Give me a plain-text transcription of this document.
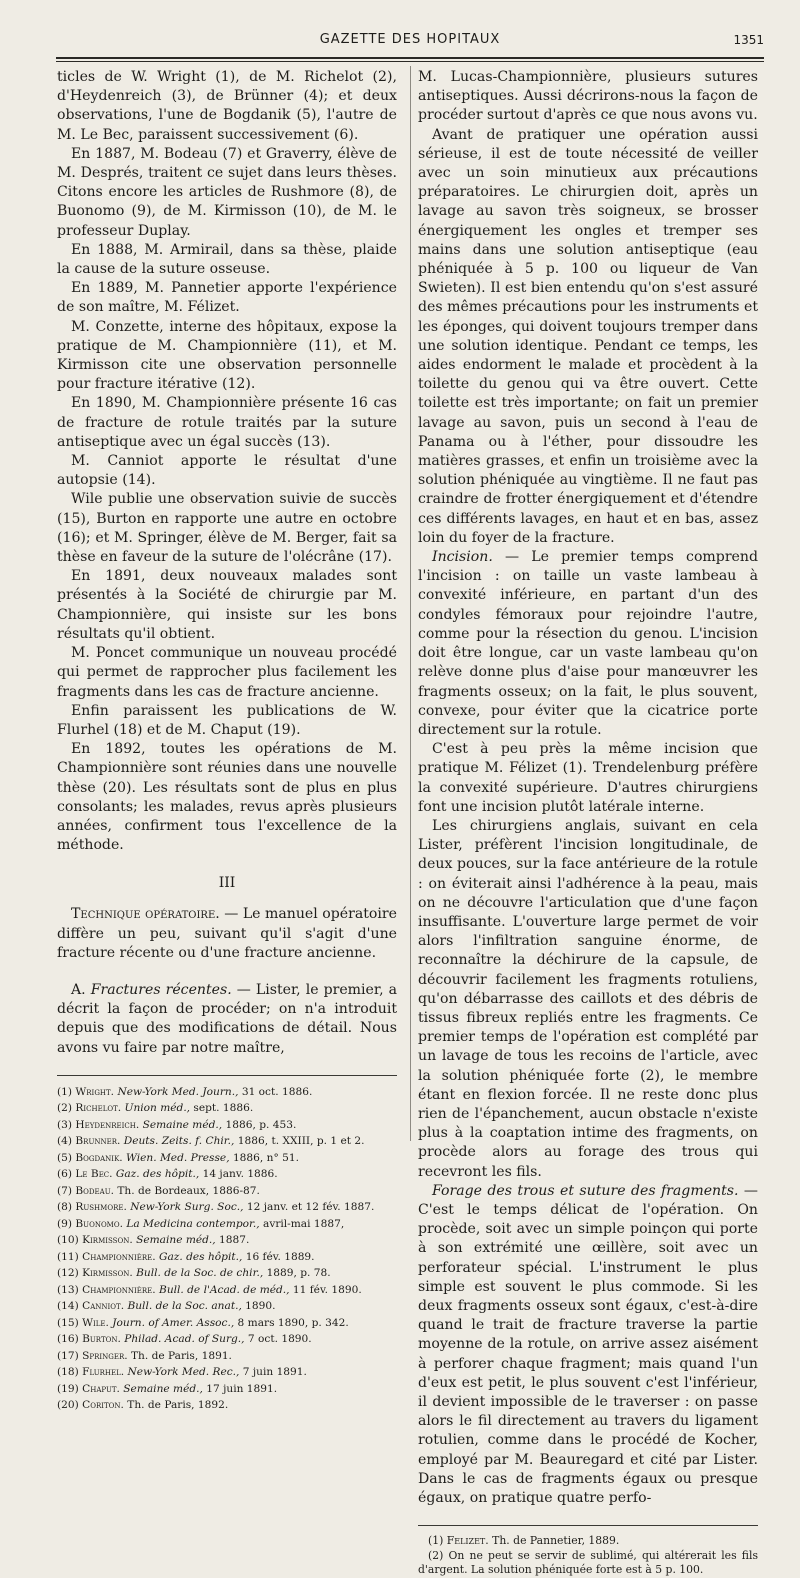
GAZETTE DES HOPITAUX	1351

ticles de W. Wright (1), de M. Richelot (2), d'Heydenreich (3), de Brünner (4); et deux observations, l'une de Bogdanik (5), l'autre de M. Le Bec, paraissent successivement (6).

En 1887, M. Bodeau (7) et Graverry, élève de M. Després, traitent ce sujet dans leurs thèses. Citons encore les articles de Rushmore (8), de Buonomo (9), de M. Kirmisson (10), de M. le professeur Duplay.

En 1888, M. Armirail, dans sa thèse, plaide la cause de la suture osseuse.

En 1889, M. Pannetier apporte l'expérience de son maître, M. Félizet.

M. Conzette, interne des hôpitaux, expose la pratique de M. Championnière (11), et M. Kirmisson cite une observation personnelle pour fracture itérative (12).

En 1890, M. Championnière présente 16 cas de fracture de rotule traités par la suture antiseptique avec un égal succès (13).

M. Canniot apporte le résultat d'une autopsie (14).

Wile publie une observation suivie de succès (15), Burton en rapporte une autre en octobre (16); et M. Springer, élève de M. Berger, fait sa thèse en faveur de la suture de l'olécrâne (17).

En 1891, deux nouveaux malades sont présentés à la Société de chirurgie par M. Championnière, qui insiste sur les bons résultats qu'il obtient.

M. Poncet communique un nouveau procédé qui permet de rapprocher plus facilement les fragments dans les cas de fracture ancienne.

Enfin paraissent les publications de W. Flurhel (18) et de M. Chaput (19).

En 1892, toutes les opérations de M. Championnière sont réunies dans une nouvelle thèse (20). Les résultats sont de plus en plus consolants; les malades, revus après plusieurs années, confirment tous l'excellence de la méthode.

III

Technique opératoire. — Le manuel opératoire diffère un peu, suivant qu'il s'agit d'une fracture récente ou d'une fracture ancienne.

A. Fractures récentes. — Lister, le premier, a décrit la façon de procéder; on n'a introduit depuis que des modifications de détail. Nous avons vu faire par notre maître,

(1) Wright. New-York Med. Journ., 31 oct. 1886.
(2) Richelot. Union méd., sept. 1886.
(3) Heydenreich. Semaine méd., 1886, p. 453.
(4) Brunner. Deuts. Zeits. f. Chir., 1886, t. XXIII, p. 1 et 2.
(5) Bogdanik. Wien. Med. Presse, 1886, n° 51.
(6) Le Bec. Gaz. des hôpit., 14 janv. 1886.
(7) Bodeau. Th. de Bordeaux, 1886-87.
(8) Rushmore. New-York Surg. Soc., 12 janv. et 12 fév. 1887.
(9) Buonomo. La Medicina contempor., avril-mai 1887,
(10) Kirmisson. Semaine méd., 1887.
(11) Championnière. Gaz. des hôpit., 16 fév. 1889.
(12) Kirmisson. Bull. de la Soc. de chir., 1889, p. 78.
(13) Championnière. Bull. de l'Acad. de méd., 11 fév. 1890.
(14) Canniot. Bull. de la Soc. anat., 1890.
(15) Wile. Journ. of Amer. Assoc., 8 mars 1890, p. 342.
(16) Burton. Philad. Acad. of Surg., 7 oct. 1890.
(17) Springer. Th. de Paris, 1891.
(18) Flurhel. New-York Med. Rec., 7 juin 1891.
(19) Chaput. Semaine méd., 17 juin 1891.
(20) Coriton. Th. de Paris, 1892.

M. Lucas-Championnière, plusieurs sutures antiseptiques. Aussi décrirons-nous la façon de procéder surtout d'après ce que nous avons vu.

Avant de pratiquer une opération aussi sérieuse, il est de toute nécessité de veiller avec un soin minutieux aux précautions préparatoires. Le chirurgien doit, après un lavage au savon très soigneux, se brosser énergiquement les ongles et tremper ses mains dans une solution antiseptique (eau phéniquée à 5 p. 100 ou liqueur de Van Swieten). Il est bien entendu qu'on s'est assuré des mêmes précautions pour les instruments et les éponges, qui doivent toujours tremper dans une solution identique. Pendant ce temps, les aides endorment le malade et procèdent à la toilette du genou qui va être ouvert. Cette toilette est très importante; on fait un premier lavage au savon, puis un second à l'eau de Panama ou à l'éther, pour dissoudre les matières grasses, et enfin un troisième avec la solution phéniquée au vingtième. Il ne faut pas craindre de frotter énergiquement et d'étendre ces différents lavages, en haut et en bas, assez loin du foyer de la fracture.

Incision. — Le premier temps comprend l'incision : on taille un vaste lambeau à convexité inférieure, en partant d'un des condyles fémoraux pour rejoindre l'autre, comme pour la résection du genou. L'incision doit être longue, car un vaste lambeau qu'on relève donne plus d'aise pour manœuvrer les fragments osseux; on la fait, le plus souvent, convexe, pour éviter que la cicatrice porte directement sur la rotule.

C'est à peu près la même incision que pratique M. Félizet (1). Trendelenburg préfère la convexité supérieure. D'autres chirurgiens font une incision plutôt latérale interne.

Les chirurgiens anglais, suivant en cela Lister, préfèrent l'incision longitudinale, de deux pouces, sur la face antérieure de la rotule : on éviterait ainsi l'adhérence à la peau, mais on ne découvre l'articulation que d'une façon insuffisante. L'ouverture large permet de voir alors l'infiltration sanguine énorme, de reconnaître la déchirure de la capsule, de découvrir facilement les fragments rotuliens, qu'on débarrasse des caillots et des débris de tissus fibreux repliés entre les fragments. Ce premier temps de l'opération est complété par un lavage de tous les recoins de l'article, avec la solution phéniquée forte (2), le membre étant en flexion forcée. Il ne reste donc plus rien de l'épanchement, aucun obstacle n'existe plus à la coaptation intime des fragments, on procède alors au forage des trous qui recevront les fils.

Forage des trous et suture des fragments. — C'est le temps délicat de l'opération. On procède, soit avec un simple poinçon qui porte à son extrémité une œillère, soit avec un perforateur spécial. L'instrument le plus simple est souvent le plus commode. Si les deux fragments osseux sont égaux, c'est-à-dire quand le trait de fracture traverse la partie moyenne de la rotule, on arrive assez aisément à perforer chaque fragment; mais quand l'un d'eux est petit, le plus souvent c'est l'inférieur, il devient impossible de le traverser : on passe alors le fil directement au travers du ligament rotulien, comme dans le procédé de Kocher, employé par M. Beauregard et cité par Lister. Dans le cas de fragments égaux ou presque égaux, on pratique quatre perfo-

(1) Felizet. Th. de Pannetier, 1889.
(2) On ne peut se servir de sublimé, qui altérerait les fils d'argent. La solution phéniquée forte est à 5 p. 100.
